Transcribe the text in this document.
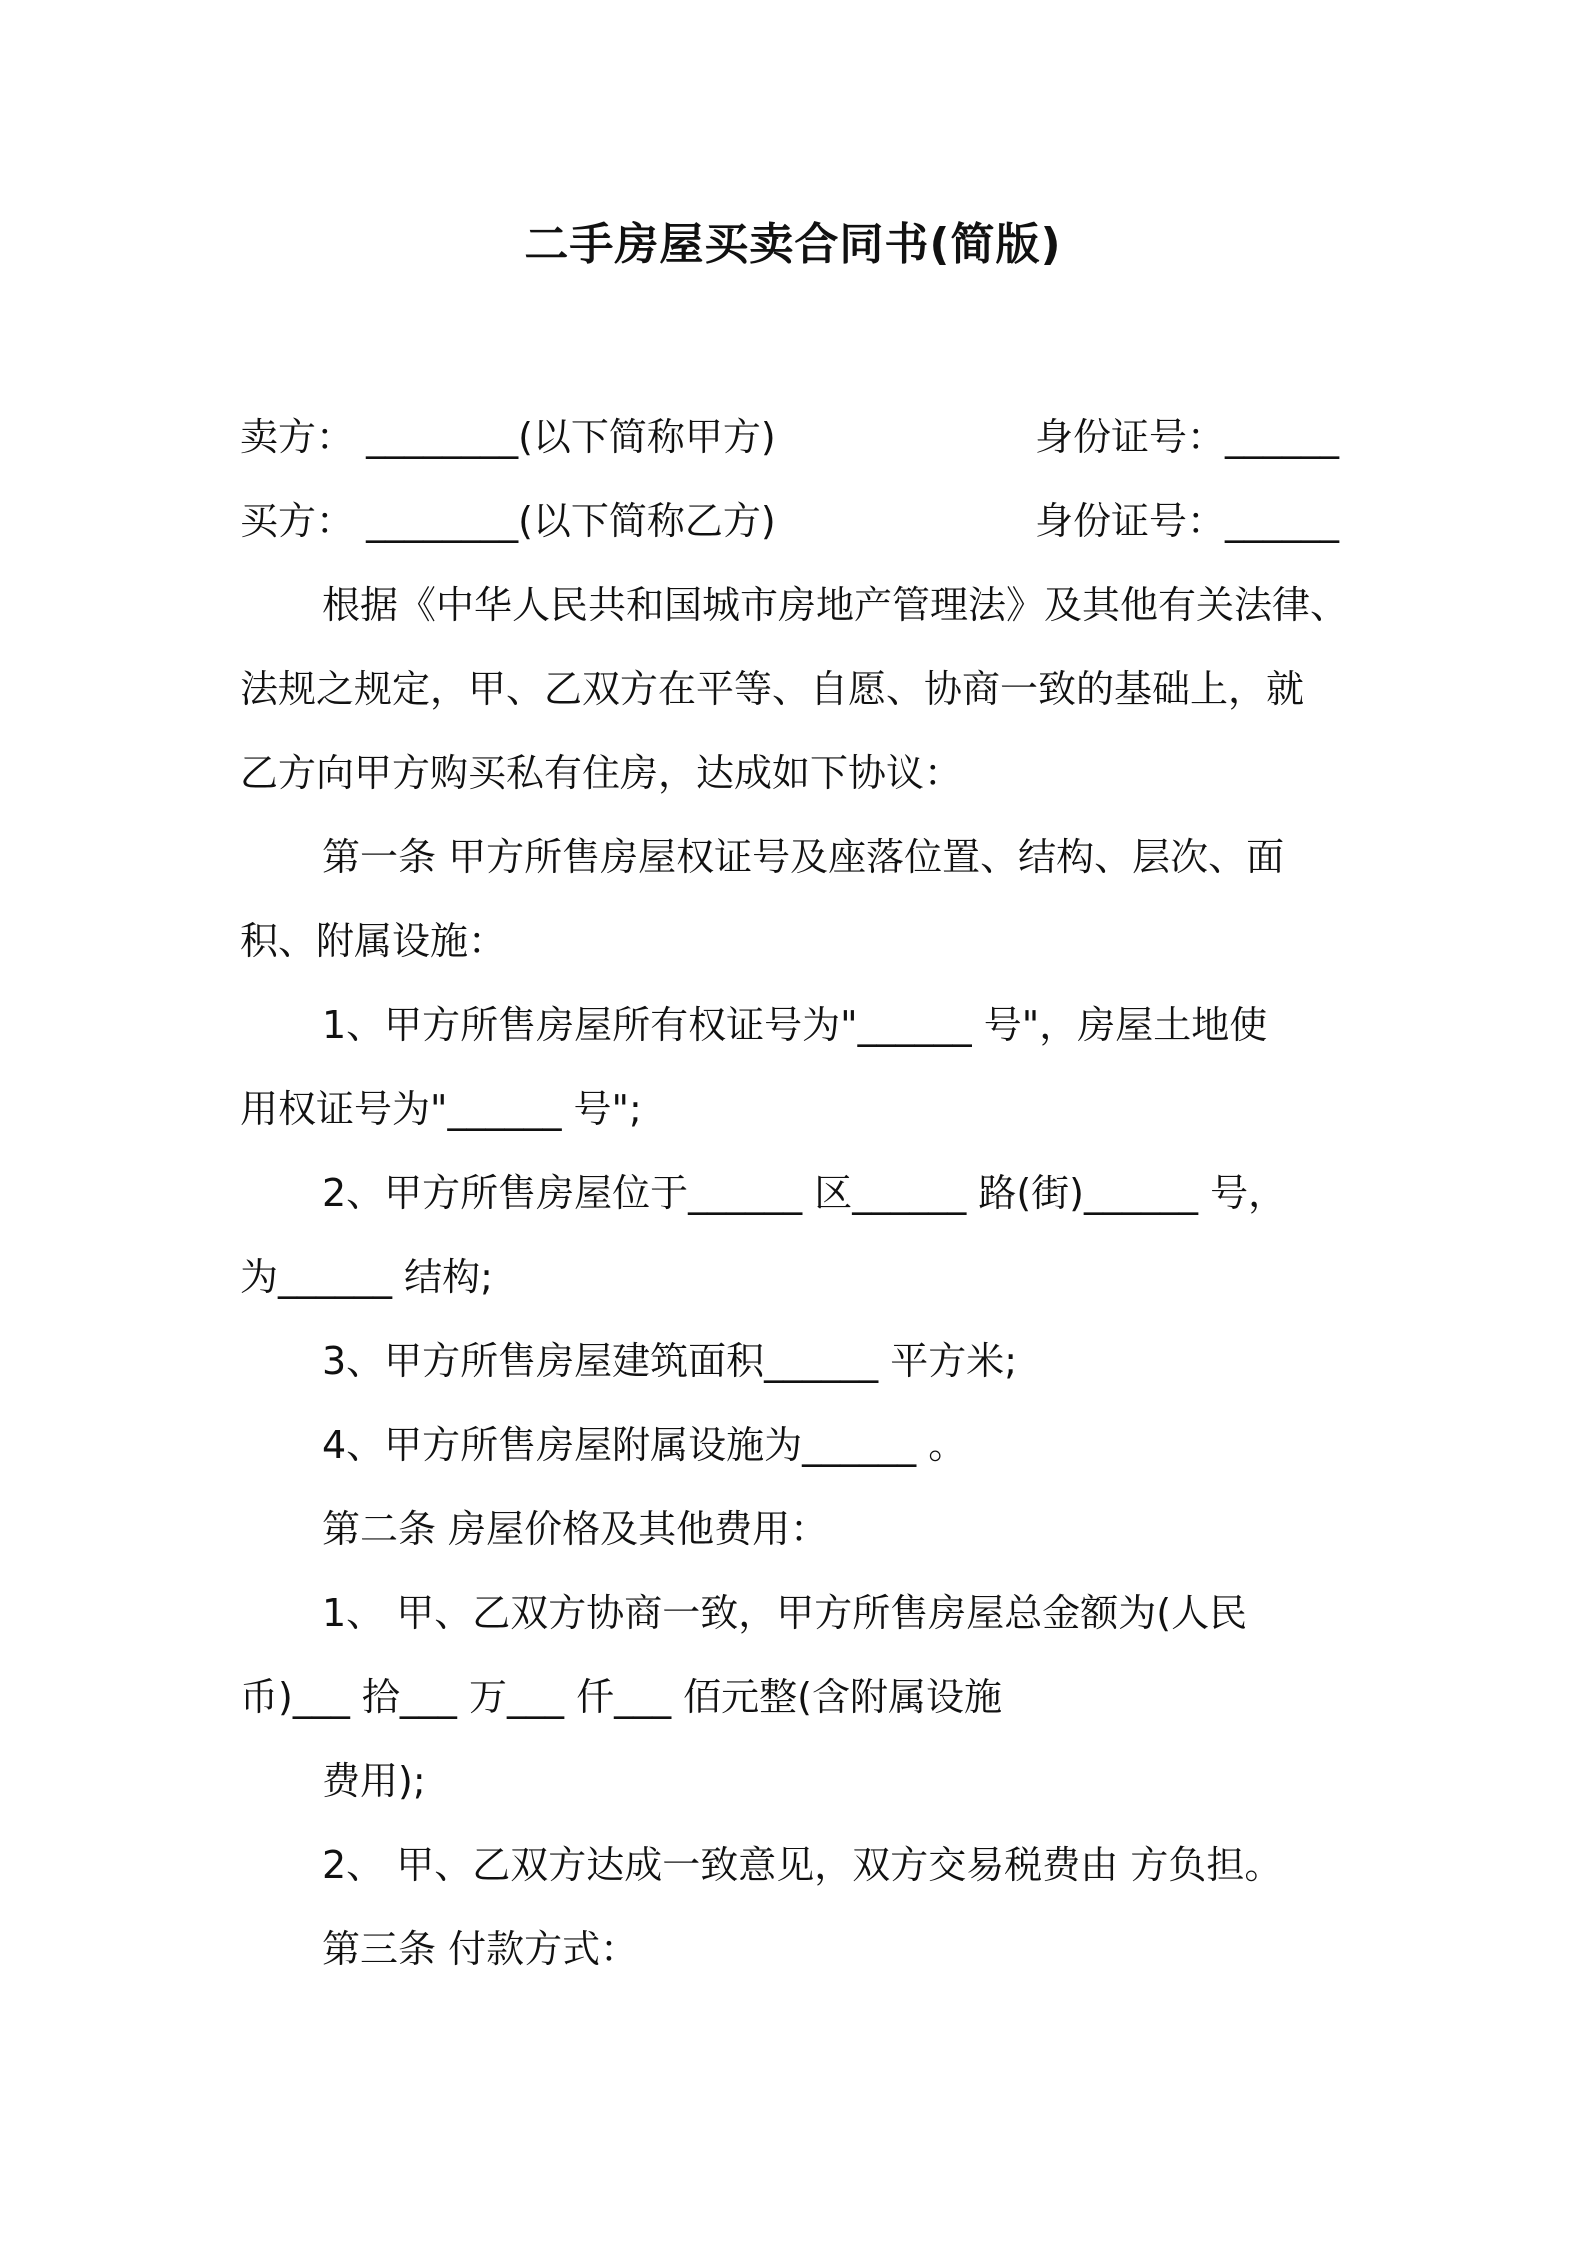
二手房屋买卖合同书(简版)
卖方： ________(以下简称甲方)	身份证号：______
买方： ________(以下简称乙方)	身份证号：______
根据《中华人民共和国城市房地产管理法》及其他有关法律、
法规之规定，甲、乙双方在平等、自愿、协商一致的基础上，就
乙方向甲方购买私有住房，达成如下协议：
第一条 甲方所售房屋权证号及座落位置、结构、层次、面
积、附属设施：
1、甲方所售房屋所有权证号为"______ 号"，房屋土地使
用权证号为"______ 号";
2、甲方所售房屋位于______ 区______ 路(街)______ 号，
为______ 结构;
3、甲方所售房屋建筑面积______ 平方米;
4、甲方所售房屋附属设施为______ 。
第二条 房屋价格及其他费用：
1、 甲、乙双方协商一致，甲方所售房屋总金额为(人民
币)___ 拾___ 万___ 仟___ 佰元整(含附属设施
费用);
2、 甲、乙双方达成一致意见，双方交易税费由 方负担。
第三条 付款方式：
